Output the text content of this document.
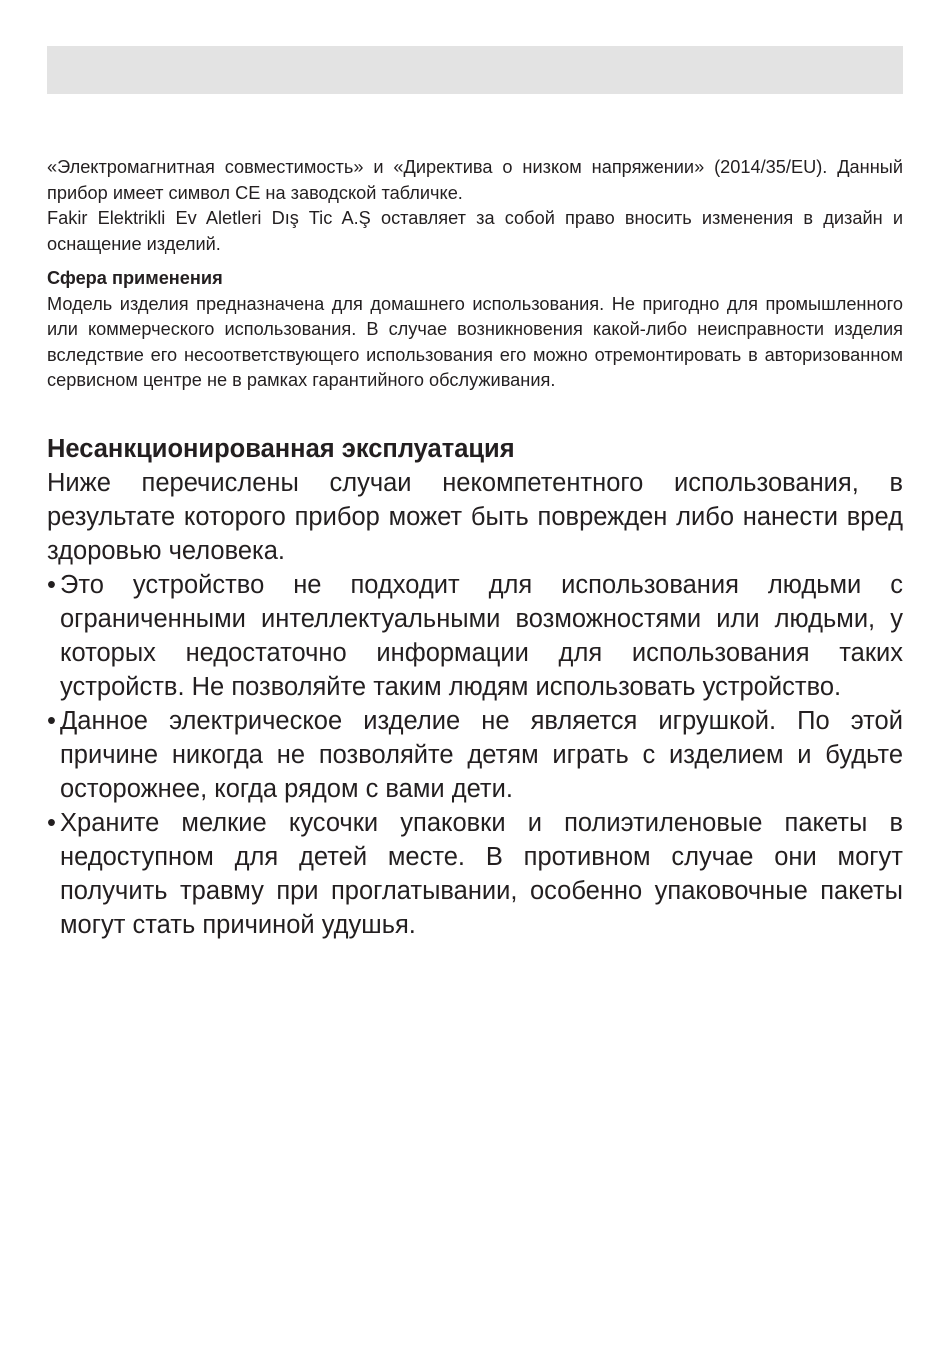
«Электромагнитная совместимость» и «Директива о низком напряжении» (2014/35/EU). Данный прибор имеет символ CE на заводской табличке.

Fakir Elektrikli Ev Aletleri Dış Tic A.Ş оставляет за собой право вносить изменения в дизайн и оснащение изделий.

Сфера применения

Модель изделия предназначена для домашнего использования. Не пригодно для промышленного или коммерческого использования. В случае возникновения какой-либо неисправности изделия вследствие его несоответствующего использования его можно отремонтировать в авторизованном сервисном центре не в рамках гарантийного обслуживания.

Несанкционированная эксплуатация

Ниже перечислены случаи некомпетентного использования, в результате которого прибор может быть поврежден либо нанести вред здоровью человека.

• Это устройство не подходит для использования людьми с ограниченными интеллектуальными возможностями или людьми, у которых недостаточно информации для использования таких устройств. Не позволяйте таким людям использовать устройство.
• Данное электрическое изделие не является игрушкой. По этой причине никогда не позволяйте детям играть с изделием и будьте осторожнее, когда рядом с вами дети.
• Храните мелкие кусочки упаковки и полиэтиленовые пакеты в недоступном для детей месте. В противном случае они могут получить травму при проглатывании, особенно упаковочные пакеты могут стать причиной удушья.
